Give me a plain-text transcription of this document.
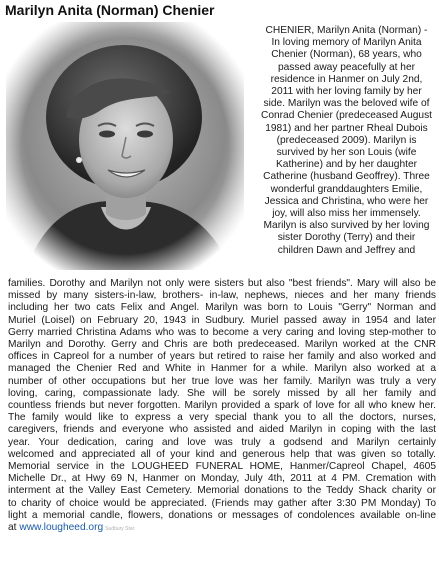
Marilyn Anita (Norman) Chenier
CHENIER, Marilyn Anita (Norman) -
In loving memory of Marilyn Anita
Chenier (Norman), 68 years, who
passed away peacefully at her
residence in Hanmer on July 2nd,
2011 with her loving family by her
side. Marilyn was the beloved wife of
Conrad Chenier (predeceased August
1981) and her partner Rheal Dubois
(predeceased 2009). Marilyn is
survived by her son Louis (wife
Katherine) and by her daughter
Catherine (husband Geoffrey). Three
wonderful granddaughters Emilie,
Jessica and Christina, who were her
joy, will also miss her immensely.
Marilyn is also survived by her loving
sister Dorothy (Terry) and their
children Dawn and Jeffrey and
families. Dorothy and Marilyn not only were sisters but also "best friends". Mary will also be
missed by many sisters-in-law, brothers- in-law, nephews, nieces and her many friends
including her two cats Felix and Angel. Marilyn was born to Louis "Gerry" Norman and
Muriel (Loisel) on February 20, 1943 in Sudbury. Muriel passed away in 1954 and later
Gerry married Christina Adams who was to become a very caring and loving step-mother to
Marilyn and Dorothy. Gerry and Chris are both predeceased. Marilyn worked at the CNR
offices in Capreol for a number of years but retired to raise her family and also worked and
managed the Chenier Red and White in Hanmer for a while. Marilyn also worked at a
number of other occupations but her true love was her family. Marilyn was truly a very
loving, caring, compassionate lady. She will be sorely missed by all her family and
countless friends but never forgotten. Marilyn provided a spark of love for all who knew her.
The family would like to express a very special thank you to all the doctors, nurses,
caregivers, friends and everyone who assisted and aided Marilyn in coping with the last
year. Your dedication, caring and love was truly a godsend and Marilyn certainly
welcomed and appreciated all of your kind and generous help that was given so totally.
Memorial service in the LOUGHEED FUNERAL HOME, Hanmer/Capreol Chapel, 4605
Michelle Dr., at Hwy 69 N, Hanmer on Monday, July 4th, 2011 at 4 PM. Cremation with
interment at the Valley East Cemetery. Memorial donations to the Teddy Shack charity or
to charity of choice would be appreciated. (Friends may gather after 3:30 PM Monday) To
light a memorial candle, flowers, donations or messages of condolences available on-line
at www.lougheed.org Sudbury Star
